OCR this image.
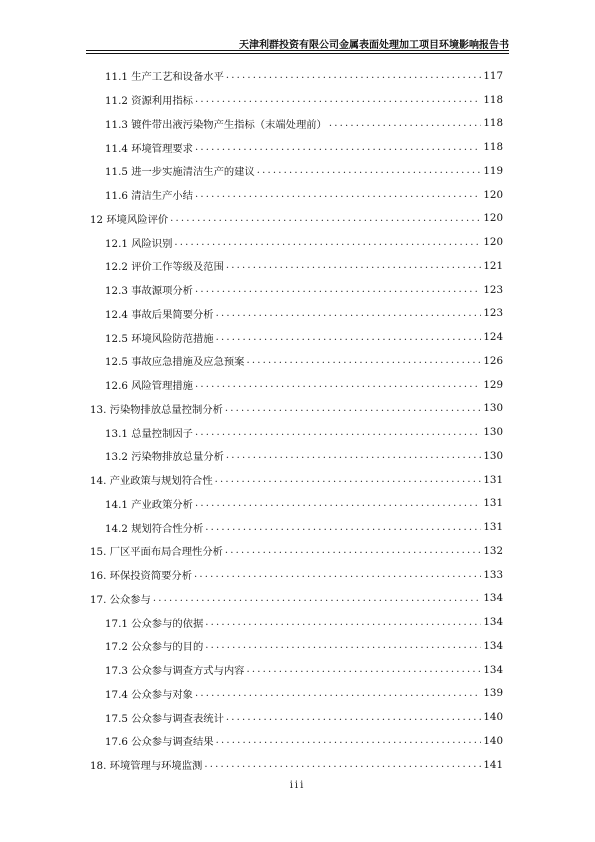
天津利群投资有限公司金属表面处理加工项目环境影响报告书
11.1 生产工艺和设备水平 .....	117
11.2 资源利用指标 .....	118
11.3 镀件带出液污染物产生指标（末端处理前） .....	118
11.4 环境管理要求 .....	118
11.5 进一步实施清洁生产的建议 .....	119
11.6 清洁生产小结 .....	120
12 环境风险评价 .....	120
12.1 风险识别 .....	120
12.2 评价工作等级及范围 .....	121
12.3 事故源项分析 .....	123
12.4 事故后果简要分析 .....	123
12.5 环境风险防范措施 .....	124
12.5 事故应急措施及应急预案 .....	126
12.6 风险管理措施 .....	129
13. 污染物排放总量控制分析 .....	130
13.1 总量控制因子 .....	130
13.2 污染物排放总量分析 .....	130
14. 产业政策与规划符合性 .....	131
14.1 产业政策分析 .....	131
14.2 规划符合性分析 .....	131
15. 厂区平面布局合理性分析 .....	132
16. 环保投资简要分析 .....	133
17. 公众参与 .....	134
17.1 公众参与的依据 .....	134
17.2 公众参与的目的 .....	134
17.3 公众参与调查方式与内容 .....	134
17.4 公众参与对象 .....	139
17.5 公众参与调查表统计 .....	140
17.6 公众参与调查结果 .....	140
18. 环境管理与环境监测 .....	141
iii
